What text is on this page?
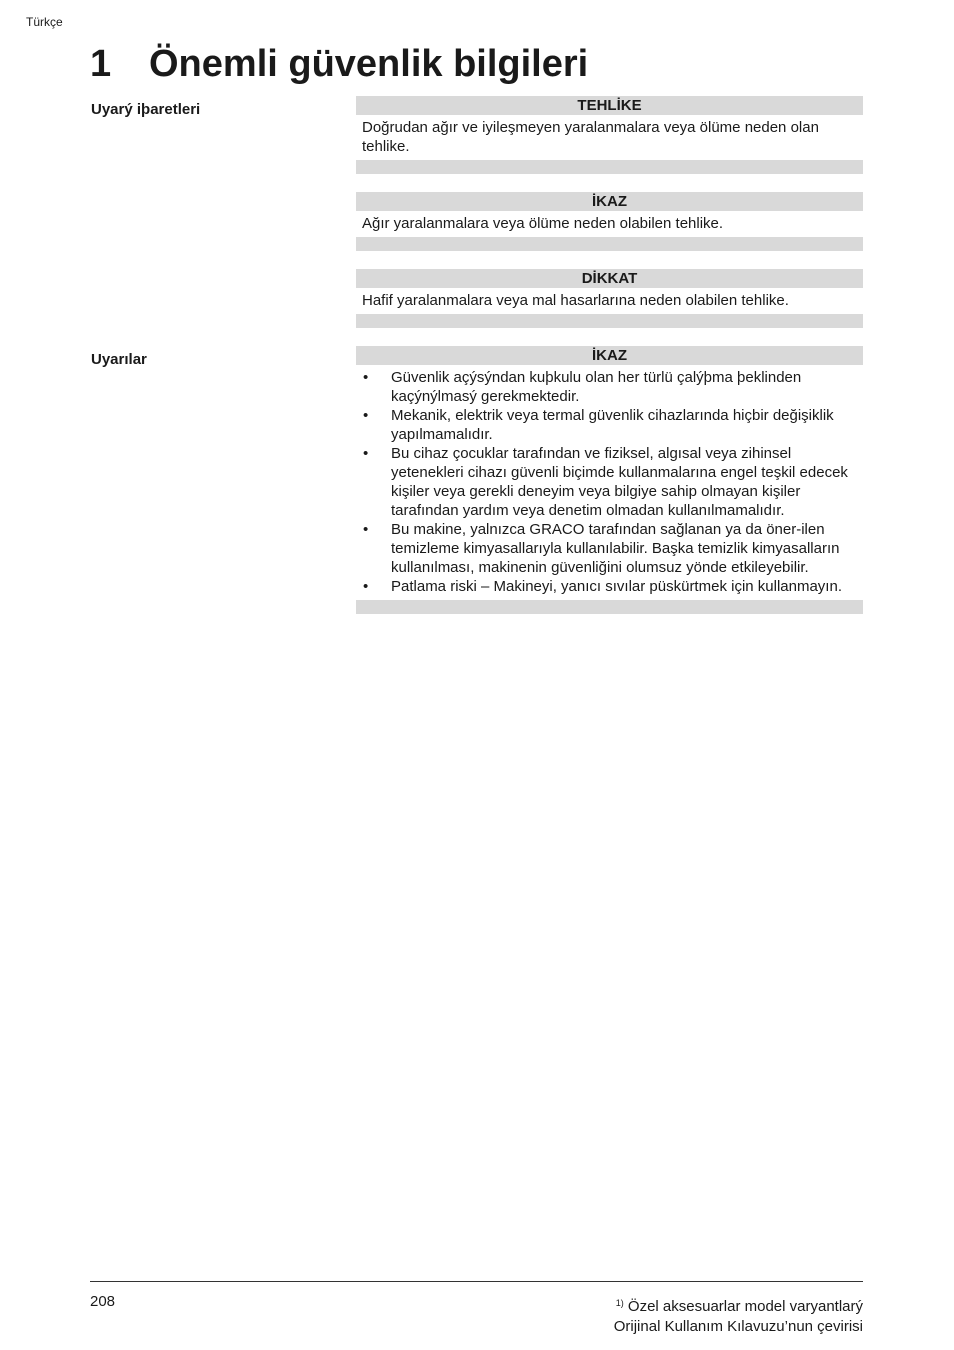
Türkçe
1 Önemli güvenlik bilgileri
Uyarý iþaretleri	TEHLİKE
Doğrudan ağır ve iyileşmeyen yaralanmalara veya ölüme neden olan tehlike.
İKAZ
Ağır yaralanmalara veya ölüme neden olabilen tehlike.
DİKKAT
Hafif yaralanmalara veya mal hasarlarına neden olabilen tehlike.
Uyarılar	İKAZ
• Güvenlik açýsýndan kuþkulu olan her türlü çalýþma þeklinden kaçýnýlmasý gerekmektedir.
• Mekanik, elektrik veya termal güvenlik cihazlarında hiçbir değişiklik yapılmamalıdır.
• Bu cihaz çocuklar tarafından ve fiziksel, algısal veya zihinsel yetenekleri cihazı güvenli biçimde kullanmalarına engel teşkil edecek kişiler veya gerekli deneyim veya bilgiye sahip olmayan kişiler tarafından yardım veya denetim olmadan kullanılmamalıdır.
• Bu makine, yalnızca GRACO tarafından sağlanan ya da öner-ilen temizleme kimyasallarıyla kullanılabilir. Başka temizlik kimyasalların kullanılması, makinenin güvenliğini olumsuz yönde etkileyebilir.
• Patlama riski – Makineyi, yanıcı sıvılar püskürtmek için kullanmayın.
208	$^{1)}$ Özel aksesuarlar model varyantlarý
Orijinal Kullanım Kılavuzu’nun çevirisi
